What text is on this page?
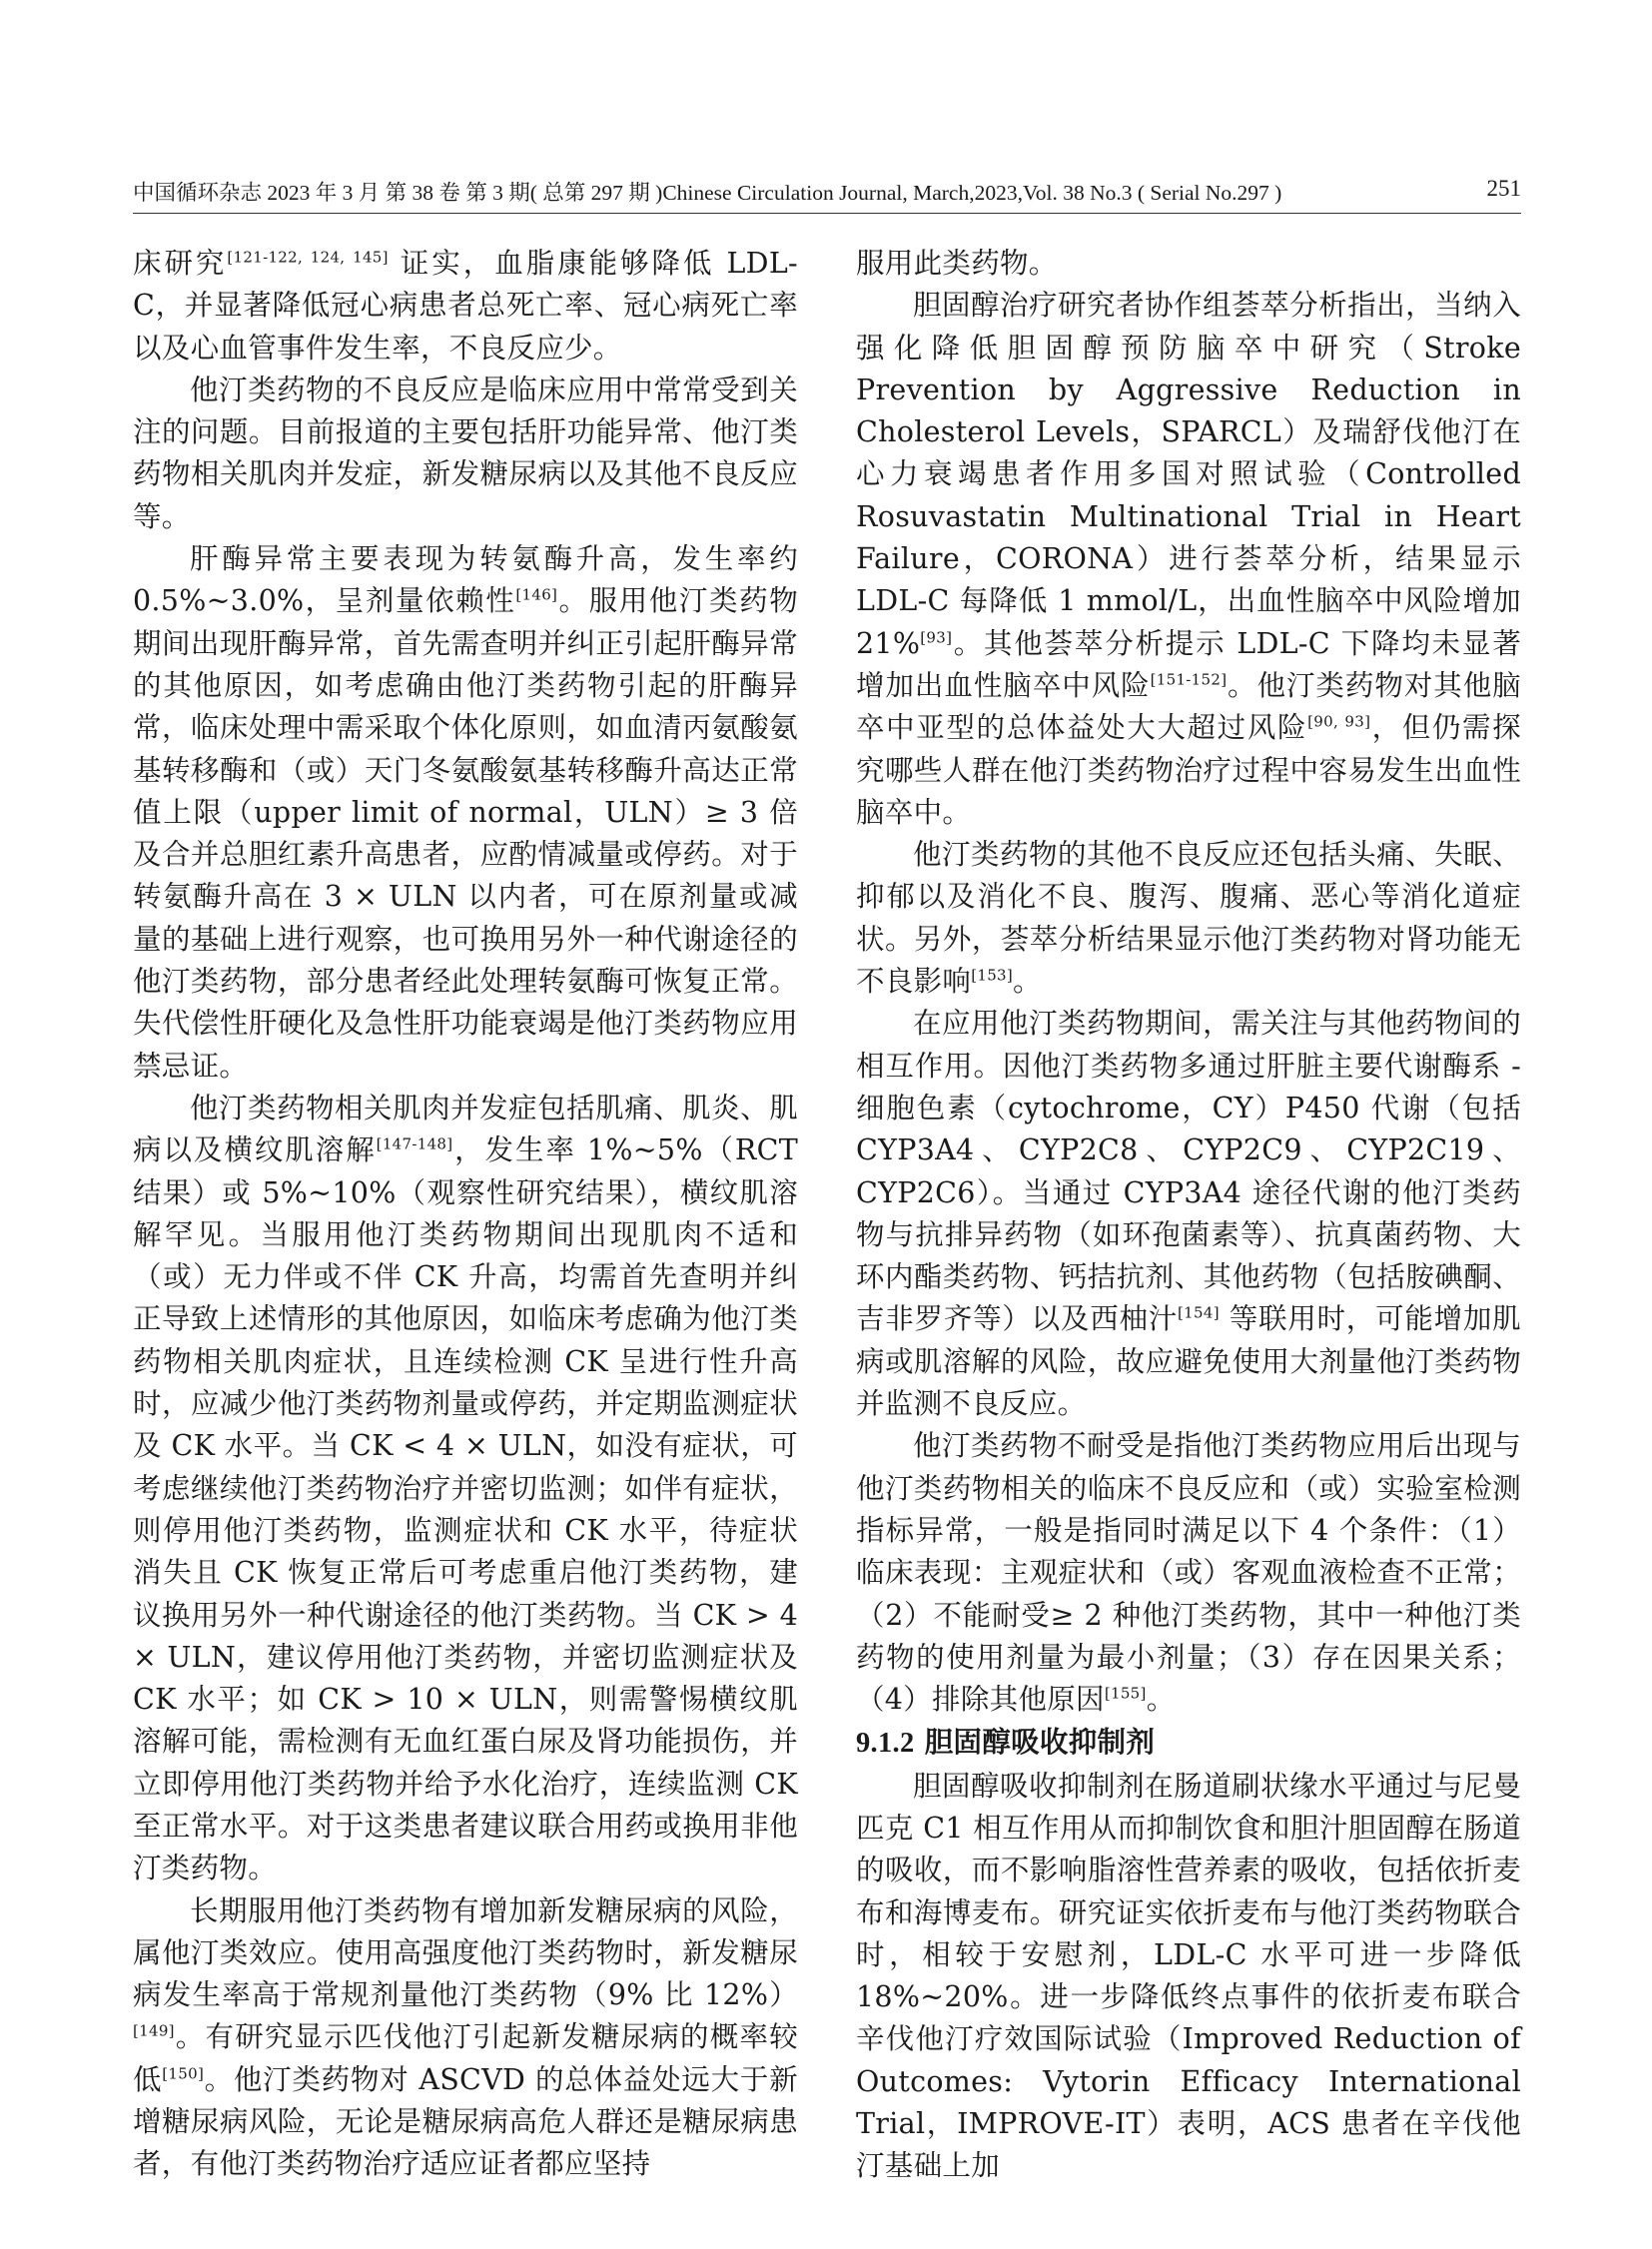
中国循环杂志 2023 年 3 月 第 38 卷 第 3 期( 总第 297 期 )Chinese Circulation Journal, March,2023,Vol. 38 No.3 ( Serial No.297 )	251

床研究[121-122, 124, 145] 证实，血脂康能够降低 LDL-C，并显著降低冠心病患者总死亡率、冠心病死亡率以及心血管事件发生率，不良反应少。

他汀类药物的不良反应是临床应用中常常受到关注的问题。目前报道的主要包括肝功能异常、他汀类药物相关肌肉并发症，新发糖尿病以及其他不良反应等。

肝酶异常主要表现为转氨酶升高，发生率约 0.5%~3.0%，呈剂量依赖性[146]。服用他汀类药物期间出现肝酶异常，首先需查明并纠正引起肝酶异常的其他原因，如考虑确由他汀类药物引起的肝酶异常，临床处理中需采取个体化原则，如血清丙氨酸氨基转移酶和（或）天门冬氨酸氨基转移酶升高达正常值上限（upper limit of normal，ULN）≥ 3 倍及合并总胆红素升高患者，应酌情减量或停药。对于转氨酶升高在 3 × ULN 以内者，可在原剂量或减量的基础上进行观察，也可换用另外一种代谢途径的他汀类药物，部分患者经此处理转氨酶可恢复正常。失代偿性肝硬化及急性肝功能衰竭是他汀类药物应用禁忌证。

他汀类药物相关肌肉并发症包括肌痛、肌炎、肌病以及横纹肌溶解[147-148]，发生率 1%~5%（RCT 结果）或 5%~10%（观察性研究结果），横纹肌溶解罕见。当服用他汀类药物期间出现肌肉不适和（或）无力伴或不伴 CK 升高，均需首先查明并纠正导致上述情形的其他原因，如临床考虑确为他汀类药物相关肌肉症状，且连续检测 CK 呈进行性升高时，应减少他汀类药物剂量或停药，并定期监测症状及 CK 水平。当 CK < 4 × ULN，如没有症状，可考虑继续他汀类药物治疗并密切监测；如伴有症状，则停用他汀类药物，监测症状和 CK 水平，待症状消失且 CK 恢复正常后可考虑重启他汀类药物，建议换用另外一种代谢途径的他汀类药物。当 CK > 4 × ULN，建议停用他汀类药物，并密切监测症状及 CK 水平；如 CK > 10 × ULN，则需警惕横纹肌溶解可能，需检测有无血红蛋白尿及肾功能损伤，并立即停用他汀类药物并给予水化治疗，连续监测 CK 至正常水平。对于这类患者建议联合用药或换用非他汀类药物。

长期服用他汀类药物有增加新发糖尿病的风险，属他汀类效应。使用高强度他汀类药物时，新发糖尿病发生率高于常规剂量他汀类药物（9% 比 12%）[149]。有研究显示匹伐他汀引起新发糖尿病的概率较低[150]。他汀类药物对 ASCVD 的总体益处远大于新增糖尿病风险，无论是糖尿病高危人群还是糖尿病患者，有他汀类药物治疗适应证者都应坚持

服用此类药物。

胆固醇治疗研究者协作组荟萃分析指出，当纳入强化降低胆固醇预防脑卒中研究（Stroke Prevention by Aggressive Reduction in Cholesterol Levels，SPARCL）及瑞舒伐他汀在心力衰竭患者作用多国对照试验（Controlled Rosuvastatin Multinational Trial in Heart Failure，CORONA）进行荟萃分析，结果显示 LDL-C 每降低 1 mmol/L，出血性脑卒中风险增加 21%[93]。其他荟萃分析提示 LDL-C 下降均未显著增加出血性脑卒中风险[151-152]。他汀类药物对其他脑卒中亚型的总体益处大大超过风险[90, 93]，但仍需探究哪些人群在他汀类药物治疗过程中容易发生出血性脑卒中。

他汀类药物的其他不良反应还包括头痛、失眠、抑郁以及消化不良、腹泻、腹痛、恶心等消化道症状。另外，荟萃分析结果显示他汀类药物对肾功能无不良影响[153]。

在应用他汀类药物期间，需关注与其他药物间的相互作用。因他汀类药物多通过肝脏主要代谢酶系 - 细胞色素（cytochrome，CY）P450 代谢（包括 CYP3A4、CYP2C8、CYP2C9、CYP2C19、CYP2C6）。当通过 CYP3A4 途径代谢的他汀类药物与抗排异药物（如环孢菌素等）、抗真菌药物、大环内酯类药物、钙拮抗剂、其他药物（包括胺碘酮、吉非罗齐等）以及西柚汁[154] 等联用时，可能增加肌病或肌溶解的风险，故应避免使用大剂量他汀类药物并监测不良反应。

他汀类药物不耐受是指他汀类药物应用后出现与他汀类药物相关的临床不良反应和（或）实验室检测指标异常，一般是指同时满足以下 4 个条件：（1）临床表现：主观症状和（或）客观血液检查不正常；（2）不能耐受≥ 2 种他汀类药物，其中一种他汀类药物的使用剂量为最小剂量；（3）存在因果关系；（4）排除其他原因[155]。

9.1.2 胆固醇吸收抑制剂

胆固醇吸收抑制剂在肠道刷状缘水平通过与尼曼匹克 C1 相互作用从而抑制饮食和胆汁胆固醇在肠道的吸收，而不影响脂溶性营养素的吸收，包括依折麦布和海博麦布。研究证实依折麦布与他汀类药物联合时，相较于安慰剂，LDL-C 水平可进一步降低 18%~20%。进一步降低终点事件的依折麦布联合辛伐他汀疗效国际试验（Improved Reduction of Outcomes: Vytorin Efficacy International Trial，IMPROVE-IT）表明，ACS 患者在辛伐他汀基础上加
